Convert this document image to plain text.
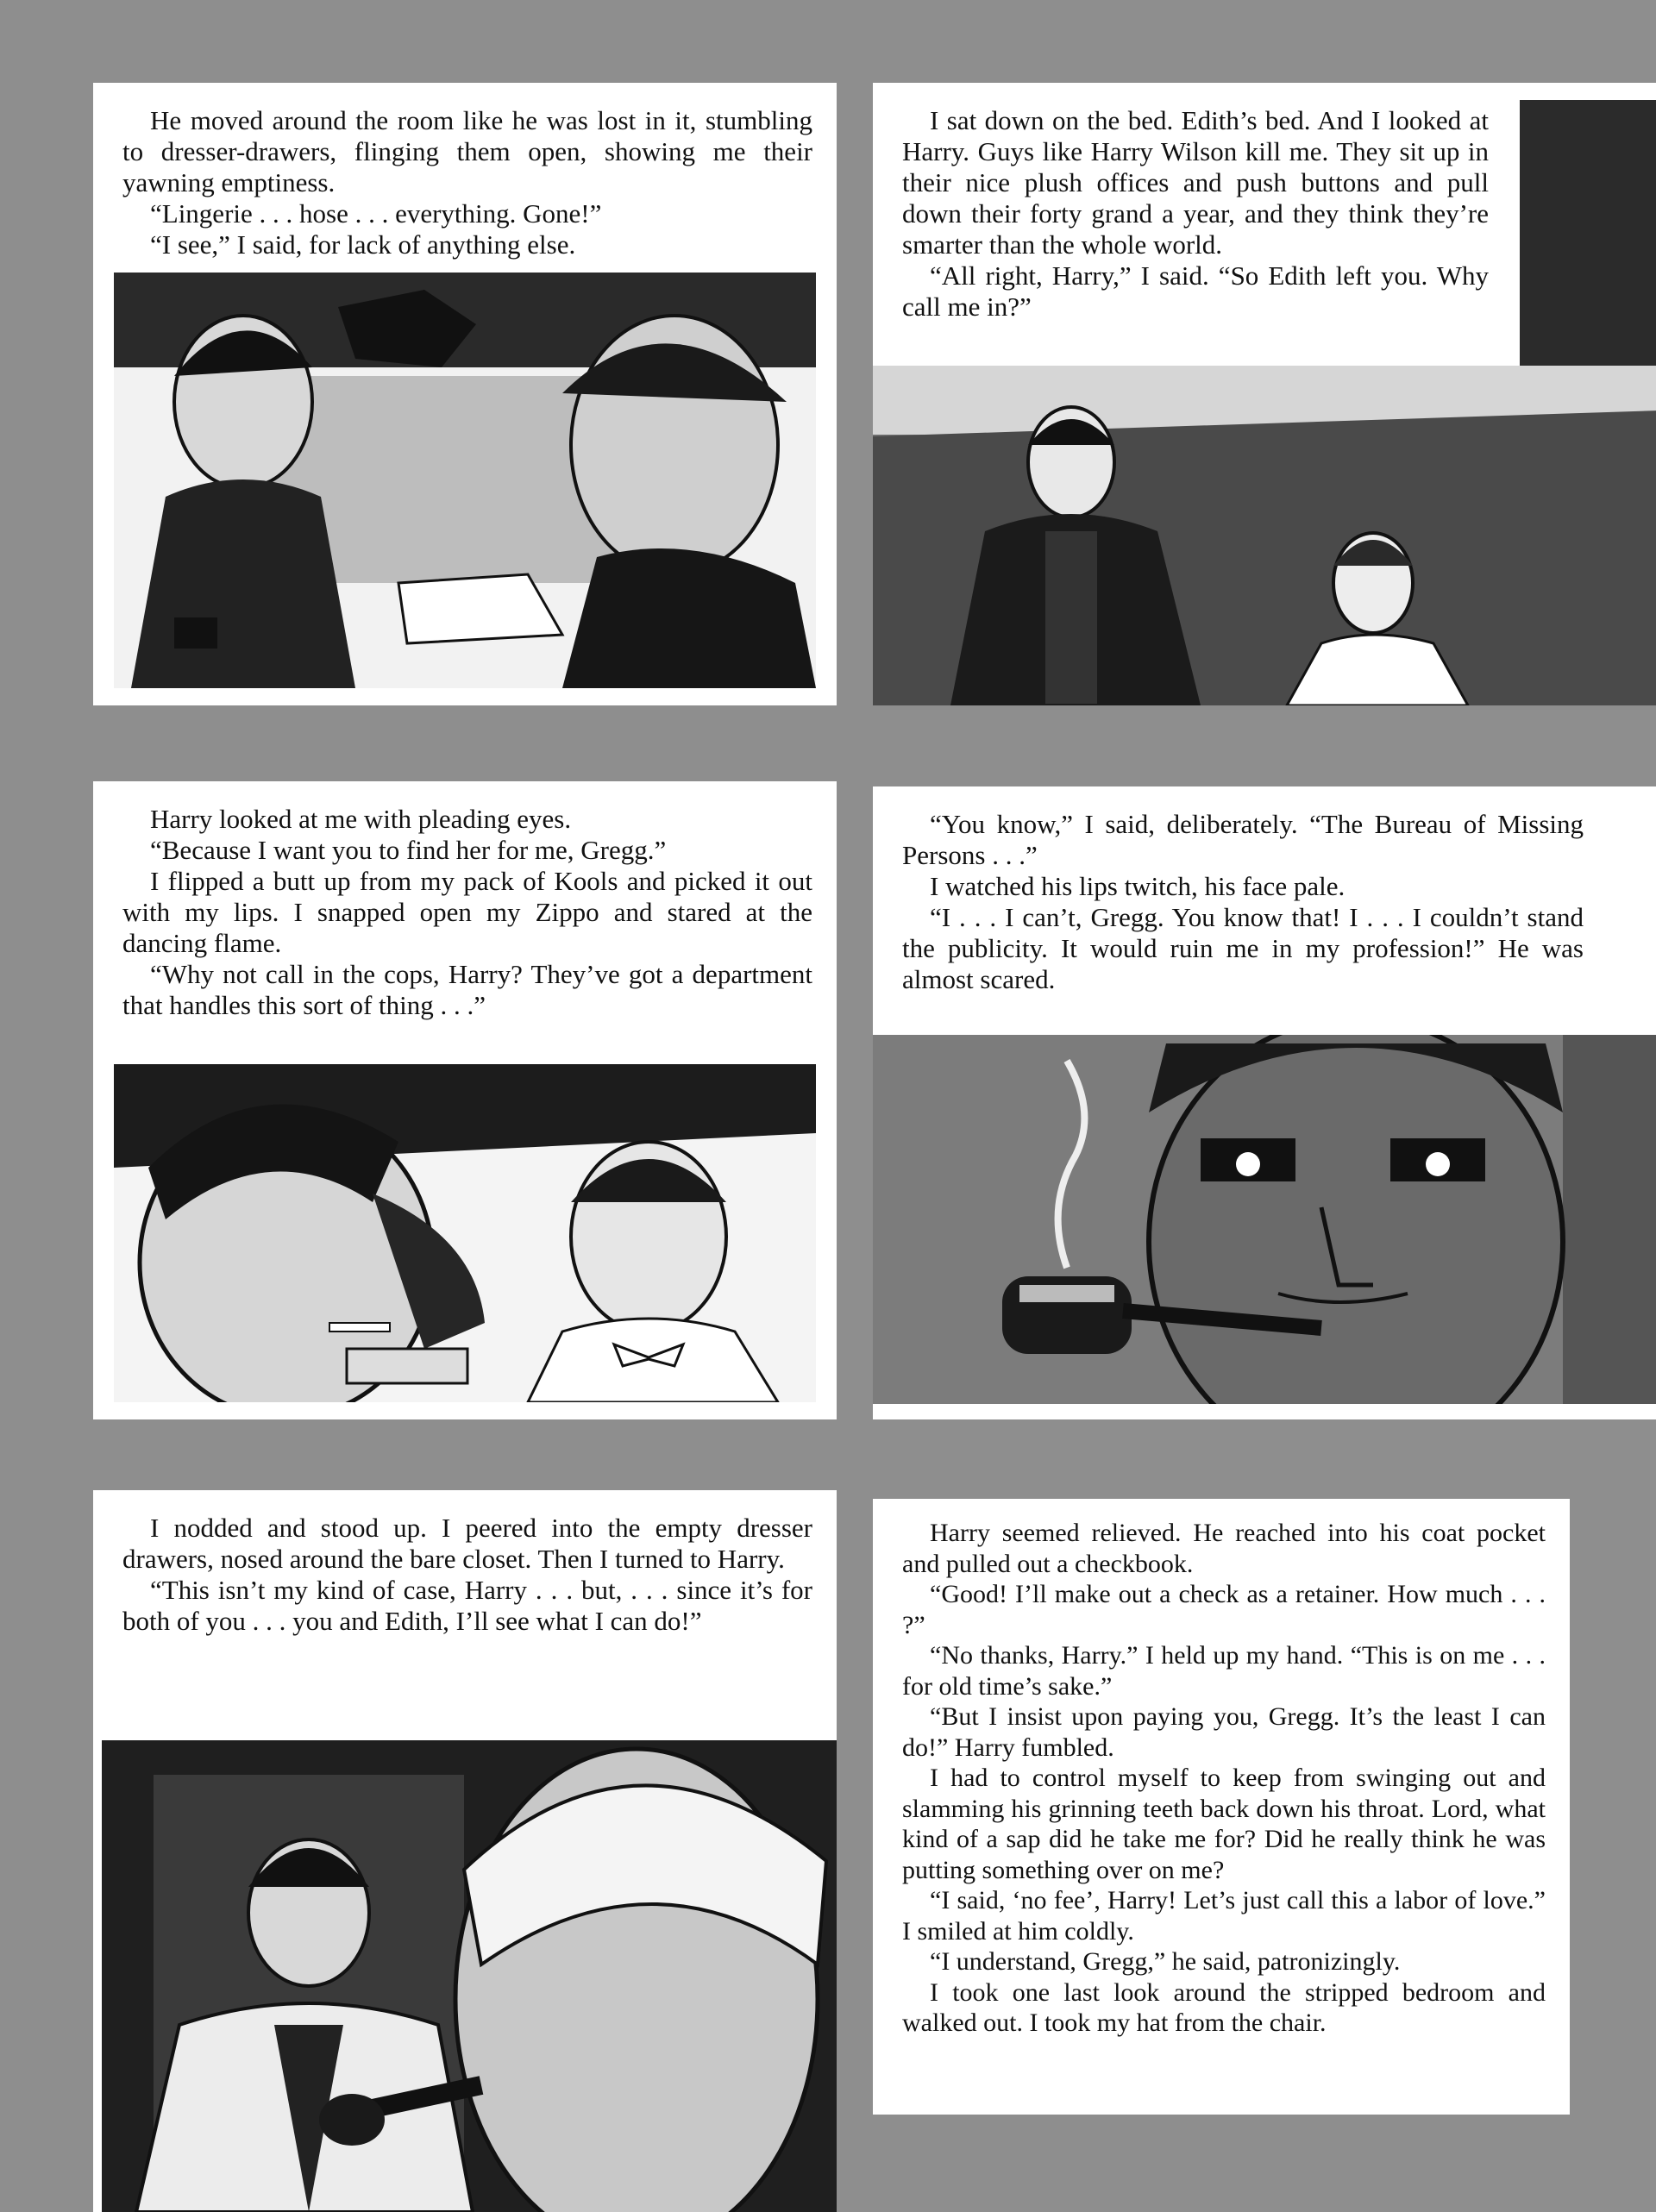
He moved around the room like he was lost in it, stumbling to dresser-drawers, flinging them open, showing me their yawning emptiness.

“Lingerie . . . hose . . . everything. Gone!”

“I see,” I said, for lack of anything else.

I sat down on the bed. Edith’s bed. And I looked at Harry. Guys like Harry Wilson kill me. They sit up in their nice plush offices and push buttons and pull down their forty grand a year, and they think they’re smarter than the whole world.

“All right, Harry,” I said. “So Edith left you. Why call me in?”

Harry looked at me with pleading eyes.

“Because I want you to find her for me, Gregg.”

I flipped a butt up from my pack of Kools and picked it out with my lips. I snapped open my Zippo and stared at the dancing flame.

“Why not call in the cops, Harry? They’ve got a department that handles this sort of thing . . .”

“You know,” I said, deliberately. “The Bureau of Missing Persons . . .”

I watched his lips twitch, his face pale.

“I . . . I can’t, Gregg. You know that! I . . . I couldn’t stand the publicity. It would ruin me in my profession!” He was almost scared.

I nodded and stood up. I peered into the empty dresser drawers, nosed around the bare closet. Then I turned to Harry.

“This isn’t my kind of case, Harry . . . but, . . . since it’s for both of you . . . you and Edith, I’ll see what I can do!”

Harry seemed relieved. He reached into his coat pocket and pulled out a checkbook.

“Good! I’ll make out a check as a retainer. How much . . . ?”

“No thanks, Harry.” I held up my hand. “This is on me . . . for old time’s sake.”

“But I insist upon paying you, Gregg. It’s the least I can do!” Harry fumbled.

I had to control myself to keep from swinging out and slamming his grinning teeth back down his throat. Lord, what kind of a sap did he take me for? Did he really think he was putting something over on me?

“I said, ‘no fee’, Harry! Let’s just call this a labor of love.” I smiled at him coldly.

“I understand, Gregg,” he said, patronizingly.

I took one last look around the stripped bedroom and walked out. I took my hat from the chair.
